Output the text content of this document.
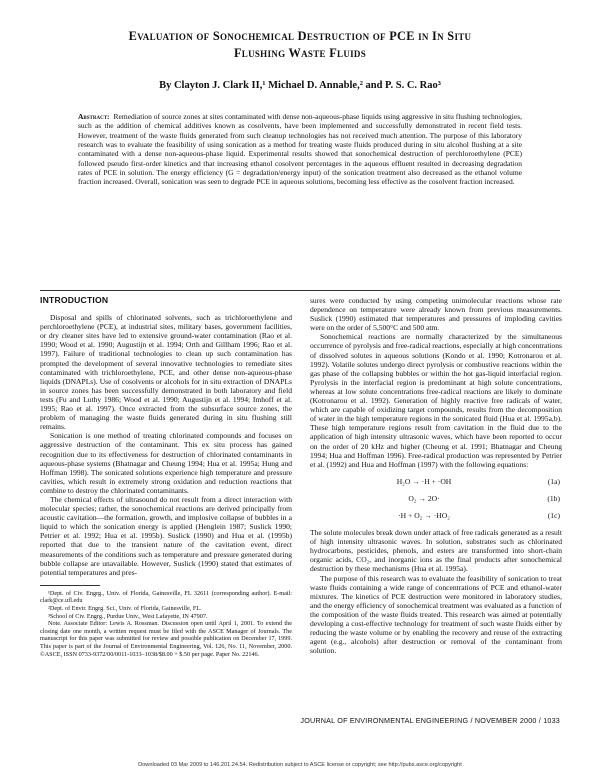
Evaluation of Sonochemical Destruction of PCE in In Situ
Flushing Waste Fluids
By Clayton J. Clark II,¹ Michael D. Annable,² and P. S. C. Rao³
Abstract: Remediation of source zones at sites contaminated with dense non-aqueous-phase liquids using aggressive in situ flushing technologies, such as the addition of chemical additives known as cosolvents, have been implemented and successfully demonstrated in recent field tests. However, treatment of the waste fluids generated from such cleanup technologies has not received much attention. The purpose of this laboratory research was to evaluate the feasibility of using sonication as a method for treating waste fluids produced during in situ alcohol flushing at a site contaminated with a dense non-aqueous-phase liquid. Experimental results showed that sonochemical destruction of perchloroethylene (PCE) followed pseudo first-order kinetics and that increasing ethanol cosolvent percentages in the aqueous effluent resulted in decreasing degradation rates of PCE in solution. The energy efficiency (G = degradation/energy input) of the sonication treatment also decreased as the ethanol volume fraction increased. Overall, sonication was seen to degrade PCE in aqueous solutions, becoming less effective as the cosolvent fraction increased.
INTRODUCTION

Disposal and spills of chlorinated solvents, such as trichloroethylene and perchloroethylene (PCE), at industrial sites, military bases, government facilities, or dry cleaner sites have led to extensive ground-water contamination (Rao et al. 1990; Wood et al. 1990; Augustijn et al. 1994; Orth and Gillham 1996; Rao et al. 1997). Failure of traditional technologies to clean up such contamination has prompted the development of several innovative technologies to remediate sites contaminated with trichloroethylene, PCE, and other dense non-aqueous-phase liquids (DNAPLs). Use of cosolvents or alcohols for in situ extraction of DNAPLs in source zones has been successfully demonstrated in both laboratory and field tests (Fu and Luthy 1986; Wood et al. 1990; Augustijn et al. 1994; Imhoff et al. 1995; Rao et al. 1997). Once extracted from the subsurface source zones, the problem of managing the waste fluids generated during in situ flushing still remains.

Sonication is one method of treating chlorinated compounds and focuses on aggressive destruction of the contaminant. This ex situ process has gained recognition due to its effectiveness for destruction of chlorinated contaminants in aqueous-phase systems (Bhatnagar and Cheung 1994; Hua et al. 1995a; Hung and Hoffman 1998). The sonicated solutions experience high temperature and pressure cavities, which result in extremely strong oxidation and reduction reactions that combine to destroy the chlorinated contaminants.

The chemical effects of ultrasound do not result from a direct interaction with molecular species; rather, the sonochemical reactions are derived principally from acoustic cavitation—the formation, growth, and implosive collapse of bubbles in a liquid to which the sonication energy is applied (Henglein 1987; Suslick 1990; Petrier et al. 1992; Hua et al. 1995b). Suslick (1990) and Hua et al. (1995b) reported that due to the transient nature of the cavitation event, direct measurements of the conditions such as temperature and pressure generated during bubble collapse are unavailable. However, Suslick (1990) stated that estimates of potential temperatures and pres-

¹Dept. of Civ. Engrg., Univ. of Florida, Gainesville, FL 32611 (corresponding author). E-mail: clark@ce.ufl.edu

²Dept. of Envir. Engrg. Sci., Univ. of Florida, Gainesville, FL.

³School of Civ. Engrg., Purdue Univ., West Lafayette, IN 47907.

Note. Associate Editor: Lewis A. Rossman. Discussion open until April 1, 2001. To extend the closing date one month, a written request must be filed with the ASCE Manager of Journals. The manuscript for this paper was submitted for review and possible publication on December 17, 1999. This paper is part of the Journal of Environmental Engineering, Vol. 126, No. 11, November, 2000. ©ASCE, ISSN 0733-9372/00/0011-1033–1038/$8.00 + $.50 per page. Paper No. 22146.

sures were conducted by using competing unimolecular reactions whose rate dependence on temperature were already known from previous measurements. Suslick (1990) estimated that temperatures and pressures of imploding cavities were on the order of 5,500°C and 500 atm.

Sonochemical reactions are normally characterized by the simultaneous occurrence of pyrolysis and free-radical reactions, especially at high concentrations of dissolved solutes in aqueous solutions (Kondo et al. 1990; Kotronarou et al. 1992). Volatile solutes undergo direct pyrolysis or combustive reactions within the gas phase of the collapsing bubbles or within the hot gas-liquid interfacial region. Pyrolysis in the interfacial region is predominant at high solute concentrations, whereas at low solute concentrations free-radical reactions are likely to dominate (Kotronarou et al. 1992). Generation of highly reactive free radicals of water, which are capable of oxidizing target compounds, results from the decomposition of water in the high temperature regions in the sonicated fluid (Hua et al. 1995a,b). These high temperature regions result from cavitation in the fluid due to the application of high intensity ultrasonic waves, which have been reported to occur on the order of 20 kHz and higher (Cheung et al. 1991; Bhatnagar and Cheung 1994; Hua and Hoffman 1996). Free-radical production was represented by Petrier et al. (1992) and Hua and Hoffman (1997) with the following equations:

H₂O → ·H + ·OH	(1a)
O₂ → 2O·	(1b)
·H + O₂ → ·HO₂	(1c)

The solute molecules break down under attack of free radicals generated as a result of high intensity ultrasonic waves. In solution, substrates such as chlorinated hydrocarbons, pesticides, phenols, and esters are transformed into short-chain organic acids, CO₂, and inorganic ions as the final products after sonochemical destruction by these mechanisms (Hua et al. 1995a).

The purpose of this research was to evaluate the feasibility of sonication to treat waste fluids containing a wide range of concentrations of PCE and ethanol-water mixtures. The kinetics of PCE destruction were monitored in laboratory studies, and the energy efficiency of sonochemical treatment was evaluated as a function of the composition of the waste fluids treated. This research was aimed at potentially developing a cost-effective technology for treatment of such waste fluids either by reducing the waste volume or by enabling the recovery and reuse of the extracting agent (e.g., alcohols) after destruction or removal of the contaminant from solution.

JOURNAL OF ENVIRONMENTAL ENGINEERING / NOVEMBER 2000 / 1033
Downloaded 03 Mar 2009 to 146.201.24.54. Redistribution subject to ASCE license or copyright; see http://pubs.asce.org/copyright
